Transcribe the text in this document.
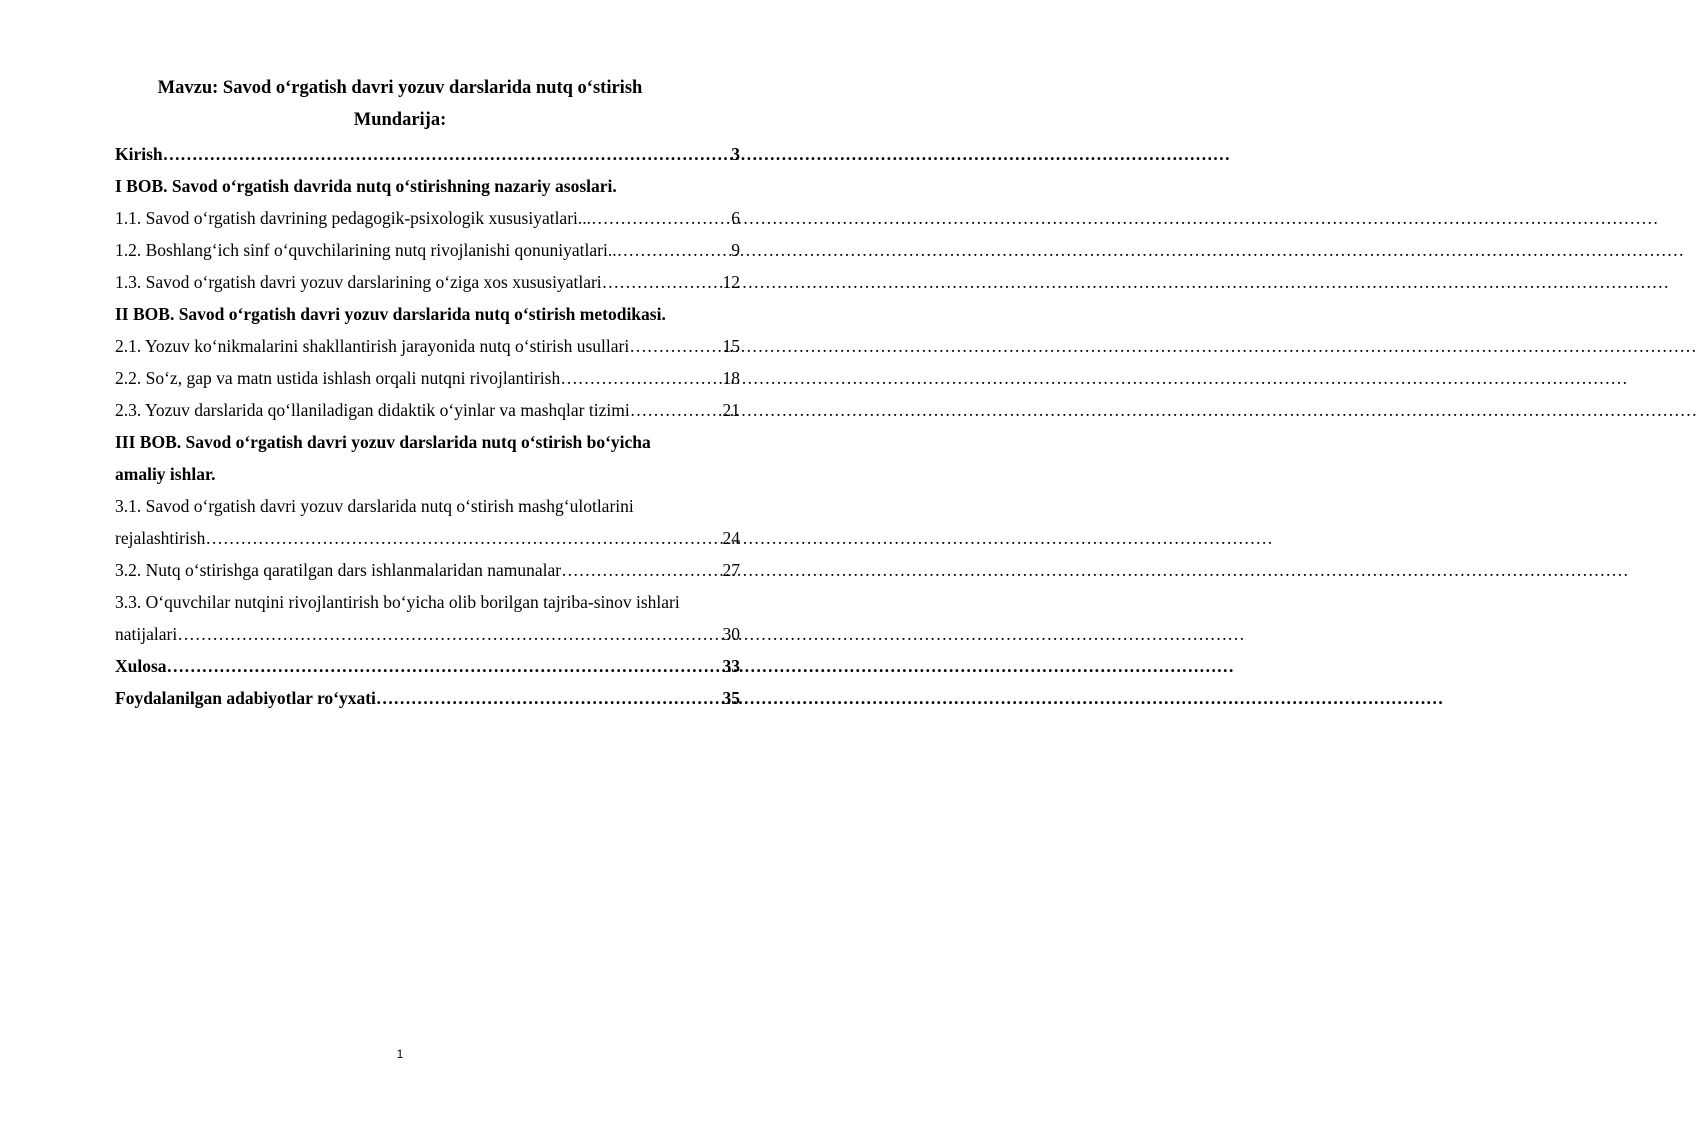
Mavzu: Savod o‘rgatish davri yozuv darslarida nutq o‘stirish
Mundarija:
Kirish …………………………………………………………………………………………………………………………………………………………………	3
I BOB. Savod o‘rgatish davrida nutq o‘stirishning nazariy asoslari.
1.1. Savod o‘rgatish davrining pedagogik-psixologik xususiyatlari... …………………………………………………………………………………………………………………………………………………………………	6
1.2. Boshlang‘ich sinf o‘quvchilarining nutq rivojlanishi qonuniyatlari.. …………………………………………………………………………………………………………………………………………………………………	9
1.3. Savod o‘rgatish davri yozuv darslarining o‘ziga xos xususiyatlari …………………………………………………………………………………………………………………………………………………………………	12
II BOB. Savod o‘rgatish davri yozuv darslarida nutq o‘stirish metodikasi.
2.1. Yozuv ko‘nikmalarini shakllantirish jarayonida nutq o‘stirish usullari …………………………………………………………………………………………………………………………………………………………………	15
2.2. So‘z, gap va matn ustida ishlash orqali nutqni rivojlantirish …………………………………………………………………………………………………………………………………………………………………	18
2.3. Yozuv darslarida qo‘llaniladigan didaktik o‘yinlar va mashqlar tizimi …………………………………………………………………………………………………………………………………………………………………	21
III BOB. Savod o‘rgatish davri yozuv darslarida nutq o‘stirish bo‘yicha
amaliy ishlar.
3.1. Savod o‘rgatish davri yozuv darslarida nutq o‘stirish mashg‘ulotlarini
rejalashtirish …………………………………………………………………………………………………………………………………………………………………	24
3.2. Nutq o‘stirishga qaratilgan dars ishlanmalaridan namunalar …………………………………………………………………………………………………………………………………………………………………	27
3.3. O‘quvchilar nutqini rivojlantirish bo‘yicha olib borilgan tajriba-sinov ishlari
natijalari …………………………………………………………………………………………………………………………………………………………………	30
Xulosa …………………………………………………………………………………………………………………………………………………………………	33
Foydalanilgan adabiyotlar ro‘yxati …………………………………………………………………………………………………………………………………………………………………	35
1
